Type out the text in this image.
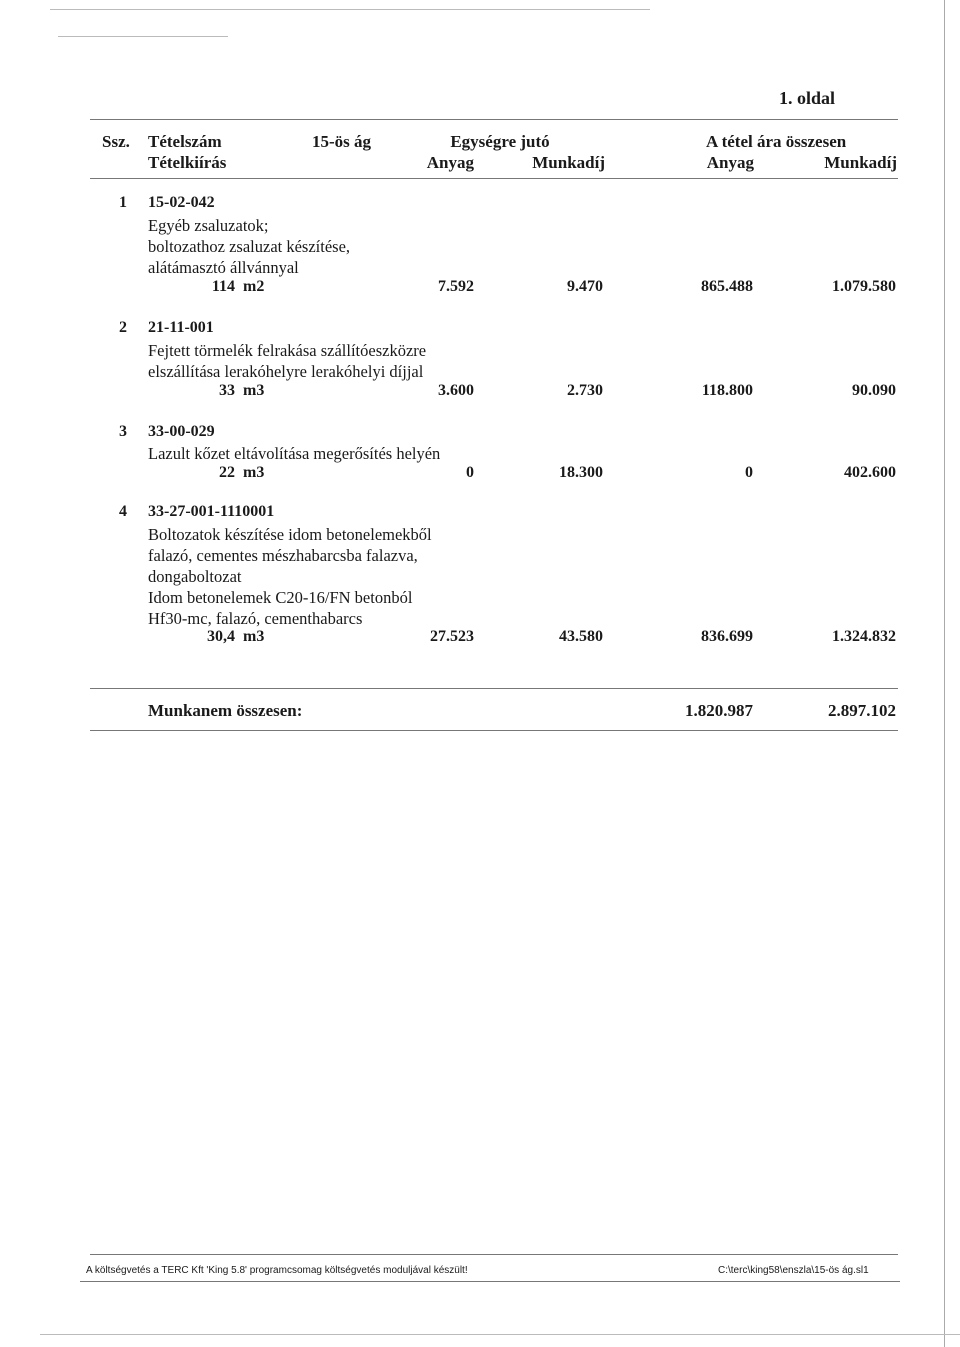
1. oldal
Ssz. Tételszám
Tételkiírás
15-ös ág	Egységre jutó	A tétel ára összesen
Anyag	Munkadíj	Anyag	Munkadíj
1 15-02-042
Egyéb zsaluzatok;
boltozathoz zsaluzat készítése,
alátámasztó állvánnyal
114 m2	7.592	9.470	865.488	1.079.580
2 21-11-001
Fejtett törmelék felrakása szállítóeszközre
elszállítása lerakóhelyre lerakóhelyi díjjal
33 m3	3.600	2.730	118.800	90.090
3 33-00-029
Lazult kőzet eltávolítása megerősítés helyén
22 m3	0	18.300	0	402.600
4 33-27-001-1110001
Boltozatok készítése idom betonelemekből
falazó, cementes mészhabarcsba falazva,
dongaboltozat
Idom betonelemek C20-16/FN betonból
Hf30-mc, falazó, cementhabarcs
30,4 m3	27.523	43.580	836.699	1.324.832
Munkanem összesen:	1.820.987	2.897.102
A költségvetés a TERC Kft 'King 5.8' programcsomag költségvetés moduljával készült!	C:\terc\king58\enszla\15-ös ág.sl1
